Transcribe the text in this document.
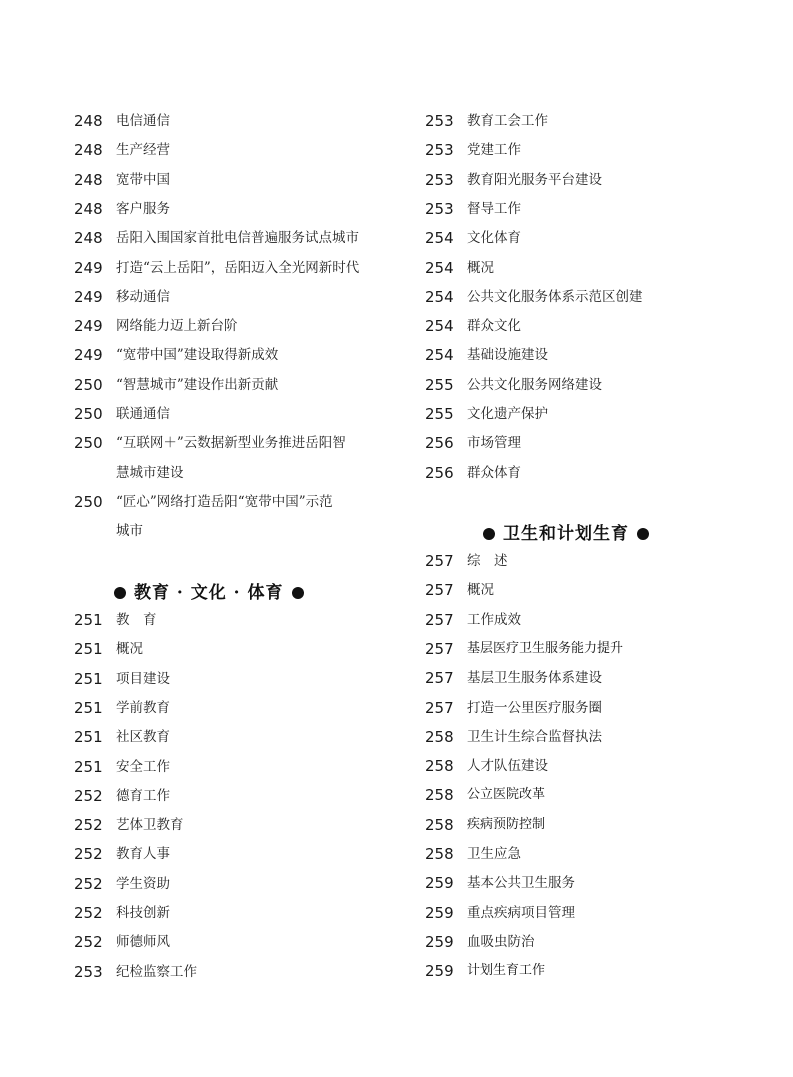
248 电信通信
248 生产经营
248 宽带中国
248 客户服务
248 岳阳入围国家首批电信普遍服务试点城市
249 打造“云上岳阳”，岳阳迈入全光网新时代
249 移动通信
249 网络能力迈上新台阶
249 “宽带中国”建设取得新成效
250 “智慧城市”建设作出新贡献
250 联通通信
250 “互联网＋”云数据新型业务推进岳阳智
慧城市建设
250 “匠心”网络打造岳阳“宽带中国”示范
城市
教育 · 文化 · 体育
251 教　育
251 概况
251 项目建设
251 学前教育
251 社区教育
251 安全工作
252 德育工作
252 艺体卫教育
252 教育人事
252 学生资助
252 科技创新
252 师德师风
253 纪检监察工作
253 教育工会工作
253 党建工作
253 教育阳光服务平台建设
253 督导工作
254 文化体育
254 概况
254 公共文化服务体系示范区创建
254 群众文化
254 基础设施建设
255 公共文化服务网络建设
255 文化遗产保护
256 市场管理
256 群众体育
卫生和计划生育
257 综　述
257 概况
257 工作成效
257	基层医疗卫生服务能力提升
257 基层卫生服务体系建设
257 打造一公里医疗服务圈
258 卫生计生综合监督执法
258 人才队伍建设
258	公立医院改革
258	疾病预防控制
258 卫生应急
259 基本公共卫生服务
259 重点疾病项目管理
259 血吸虫防治
259	计划生育工作
